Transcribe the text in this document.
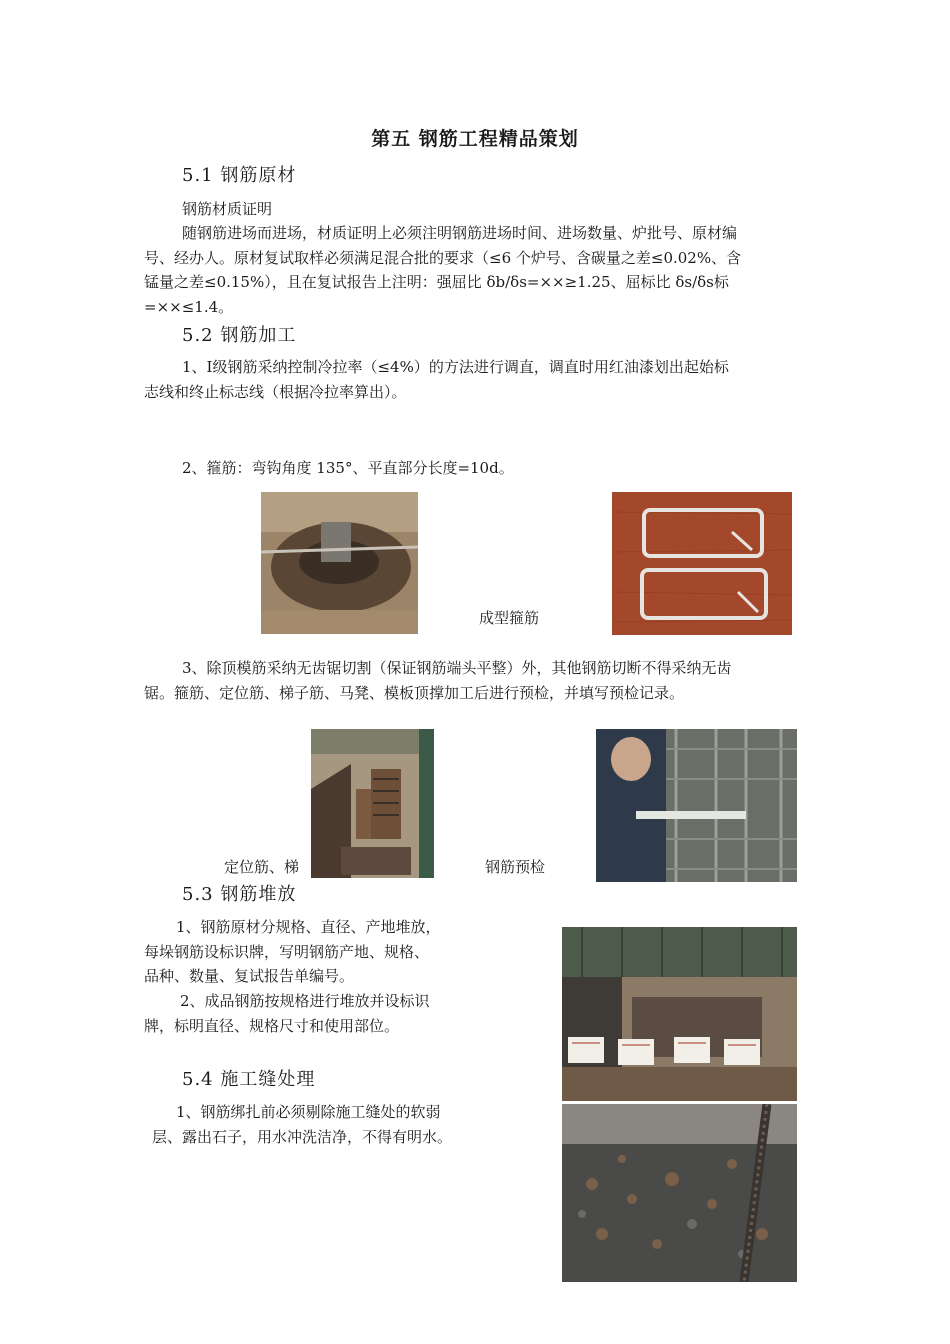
第五 钢筋工程精品策划
5.1 钢筋原材
钢筋材质证明
随钢筋进场而进场，材质证明上必须注明钢筋进场时间、进场数量、炉批号、原材编
号、经办人。原材复试取样必须满足混合批的要求（≤6 个炉号、含碳量之差≤0.02%、含
锰量之差≤0.15%），且在复试报告上注明：强屈比 δb/δs=××≥1.25、屈标比 δs/δs标
=××≤1.4。
5.2 钢筋加工
1、Ⅰ级钢筋采纳控制冷拉率（≤4%）的方法进行调直，调直时用红油漆划出起始标
志线和终止标志线（根据冷拉率算出）。
2、箍筋：弯钩角度 135°、平直部分长度=10d。
成型箍筋
3、除顶模筋采纳无齿锯切割（保证钢筋端头平整）外，其他钢筋切断不得采纳无齿
锯。箍筋、定位筋、梯子筋、马凳、模板顶撑加工后进行预检，并填写预检记录。
定位筋、梯	钢筋预检
5.3 钢筋堆放
1、钢筋原材分规格、直径、产地堆放，
每垛钢筋设标识牌，写明钢筋产地、规格、
品种、数量、复试报告单编号。
2、成品钢筋按规格进行堆放并设标识
牌，标明直径、规格尺寸和使用部位。
5.4 施工缝处理
1、钢筋绑扎前必须剔除施工缝处的软弱
层、露出石子，用水冲洗洁净，不得有明水。
